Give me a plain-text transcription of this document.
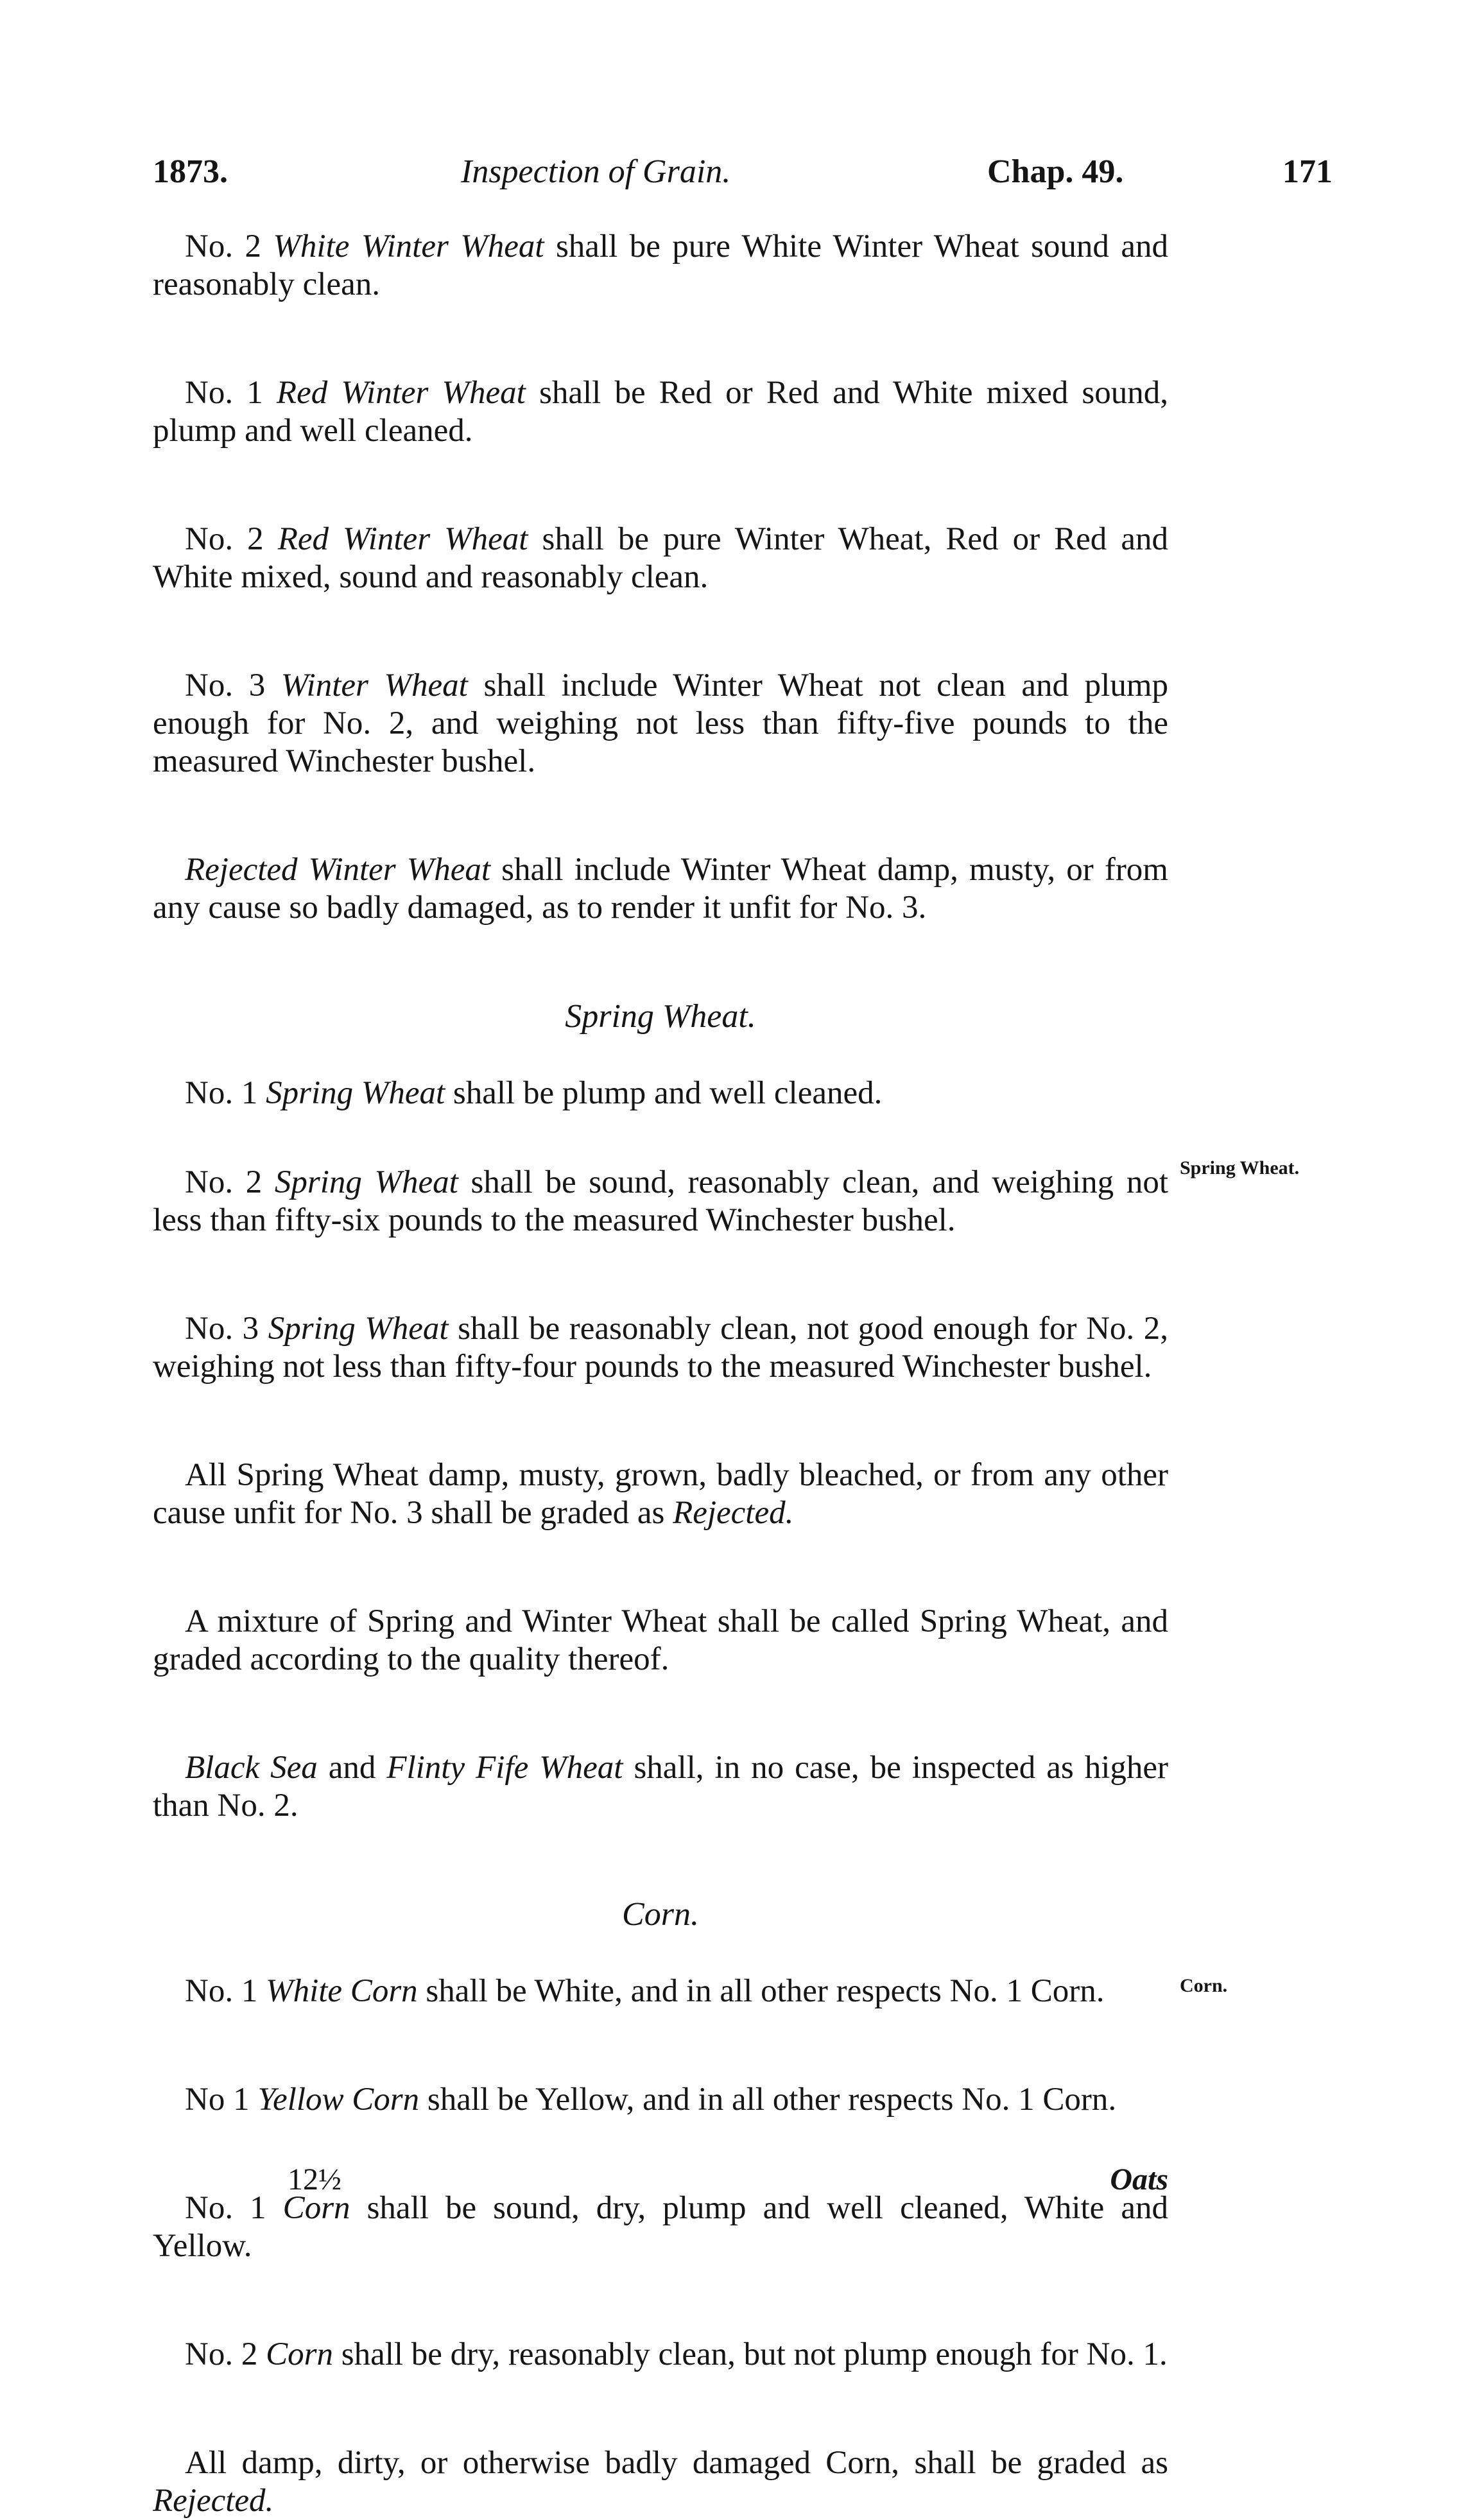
1873.	Inspection of Grain.	Chap. 49.	171

No. 2 White Winter Wheat shall be pure White Winter Wheat sound and reasonably clean.

No. 1 Red Winter Wheat shall be Red or Red and White mixed sound, plump and well cleaned.

No. 2 Red Winter Wheat shall be pure Winter Wheat, Red or Red and White mixed, sound and reasonably clean.

No. 3 Winter Wheat shall include Winter Wheat not clean and plump enough for No. 2, and weighing not less than fifty-five pounds to the measured Winchester bushel.

Rejected Winter Wheat shall include Winter Wheat damp, musty, or from any cause so badly damaged, as to render it unfit for No. 3.

Spring Wheat.

No. 1 Spring Wheat shall be plump and well cleaned.

No. 2 Spring Wheat shall be sound, reasonably clean, and weighing not less than fifty-six pounds to the measured Winchester bushel.
Spring Wheat.

No. 3 Spring Wheat shall be reasonably clean, not good enough for No. 2, weighing not less than fifty-four pounds to the measured Winchester bushel.

All Spring Wheat damp, musty, grown, badly bleached, or from any other cause unfit for No. 3 shall be graded as Rejected.

A mixture of Spring and Winter Wheat shall be called Spring Wheat, and graded according to the quality thereof.

Black Sea and Flinty Fife Wheat shall, in no case, be inspected as higher than No. 2.

Corn.

No. 1 White Corn shall be White, and in all other respects No. 1 Corn.	Corn.

No 1 Yellow Corn shall be Yellow, and in all other respects No. 1 Corn.

No. 1 Corn shall be sound, dry, plump and well cleaned, White and Yellow.

No. 2 Corn shall be dry, reasonably clean, but not plump enough for No. 1.

All damp, dirty, or otherwise badly damaged Corn, shall be graded as Rejected.

12½	Oats
